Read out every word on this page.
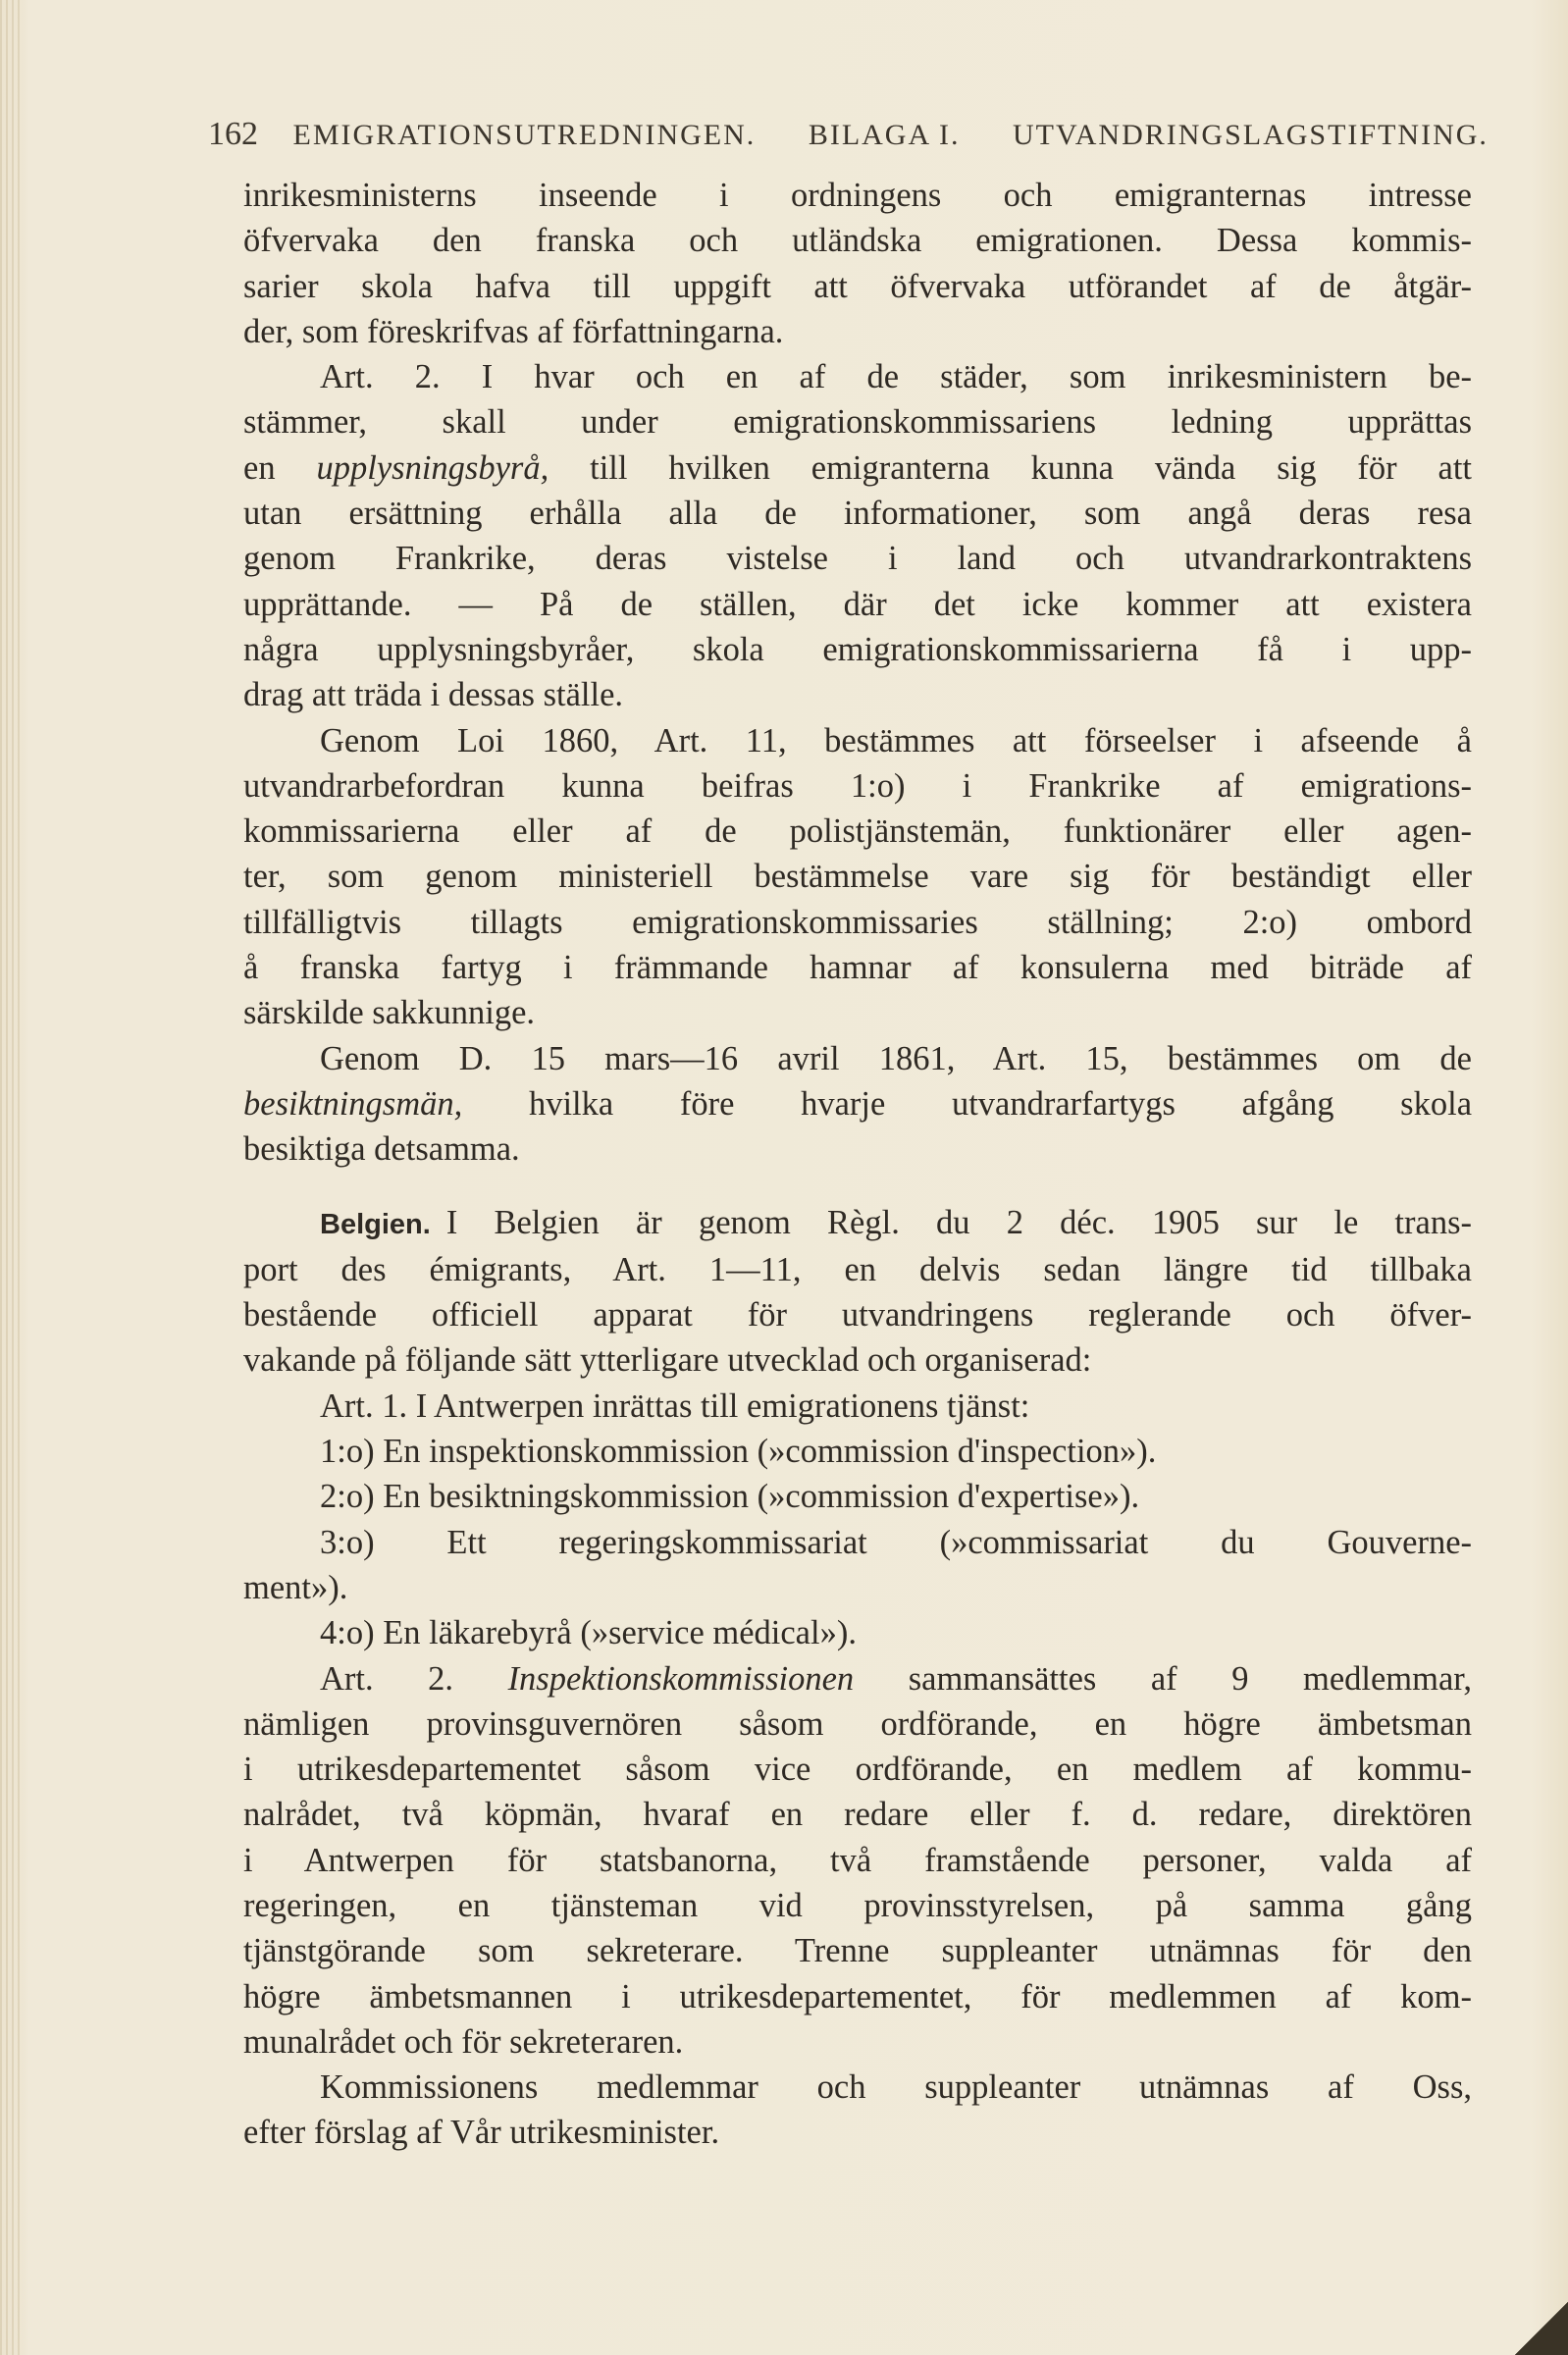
162 EMIGRATIONSUTREDNINGEN. BILAGA I. UTVANDRINGSLAGSTIFTNING.
inrikesministerns inseende i ordningens och emigranternas intresse
öfvervaka den franska och utländska emigrationen. Dessa kommis-
sarier skola hafva till uppgift att öfvervaka utförandet af de åtgär-
der, som föreskrifvas af författningarna.
Art. 2. I hvar och en af de städer, som inrikesministern be-
stämmer, skall under emigrationskommissariens ledning upprättas
en upplysningsbyrå, till hvilken emigranterna kunna vända sig för att
utan ersättning erhålla alla de informationer, som angå deras resa
genom Frankrike, deras vistelse i land och utvandrarkontraktens
upprättande. — På de ställen, där det icke kommer att existera
några upplysningsbyråer, skola emigrationskommissarierna få i upp-
drag att träda i dessas ställe.
Genom Loi 1860, Art. 11, bestämmes att förseelser i afseende å
utvandrarbefordran kunna beifras 1:o) i Frankrike af emigrations-
kommissarierna eller af de polistjänstemän, funktionärer eller agen-
ter, som genom ministeriell bestämmelse vare sig för beständigt eller
tillfälligtvis tillagts emigrationskommissaries ställning; 2:o) ombord
å franska fartyg i främmande hamnar af konsulerna med biträde af
särskilde sakkunnige.
Genom D. 15 mars—16 avril 1861, Art. 15, bestämmes om de
besiktningsmän, hvilka före hvarje utvandrarfartygs afgång skola
besiktiga detsamma.
Belgien. I Belgien är genom Règl. du 2 déc. 1905 sur le trans-
port des émigrants, Art. 1—11, en delvis sedan längre tid tillbaka
bestående officiell apparat för utvandringens reglerande och öfver-
vakande på följande sätt ytterligare utvecklad och organiserad:
Art. 1. I Antwerpen inrättas till emigrationens tjänst:
1:o) En inspektionskommission (»commission d'inspection»).
2:o) En besiktningskommission (»commission d'expertise»).
3:o) Ett regeringskommissariat (»commissariat du Gouverne-
ment»).
4:o) En läkarebyrå (»service médical»).
Art. 2. Inspektionskommissionen sammansättes af 9 medlemmar,
nämligen provinsguvernören såsom ordförande, en högre ämbetsman
i utrikesdepartementet såsom vice ordförande, en medlem af kommu-
nalrådet, två köpmän, hvaraf en redare eller f. d. redare, direktören
i Antwerpen för statsbanorna, två framstående personer, valda af
regeringen, en tjänsteman vid provinsstyrelsen, på samma gång
tjänstgörande som sekreterare. Trenne suppleanter utnämnas för den
högre ämbetsmannen i utrikesdepartementet, för medlemmen af kom-
munalrådet och för sekreteraren.
Kommissionens medlemmar och suppleanter utnämnas af Oss,
efter förslag af Vår utrikesminister.
